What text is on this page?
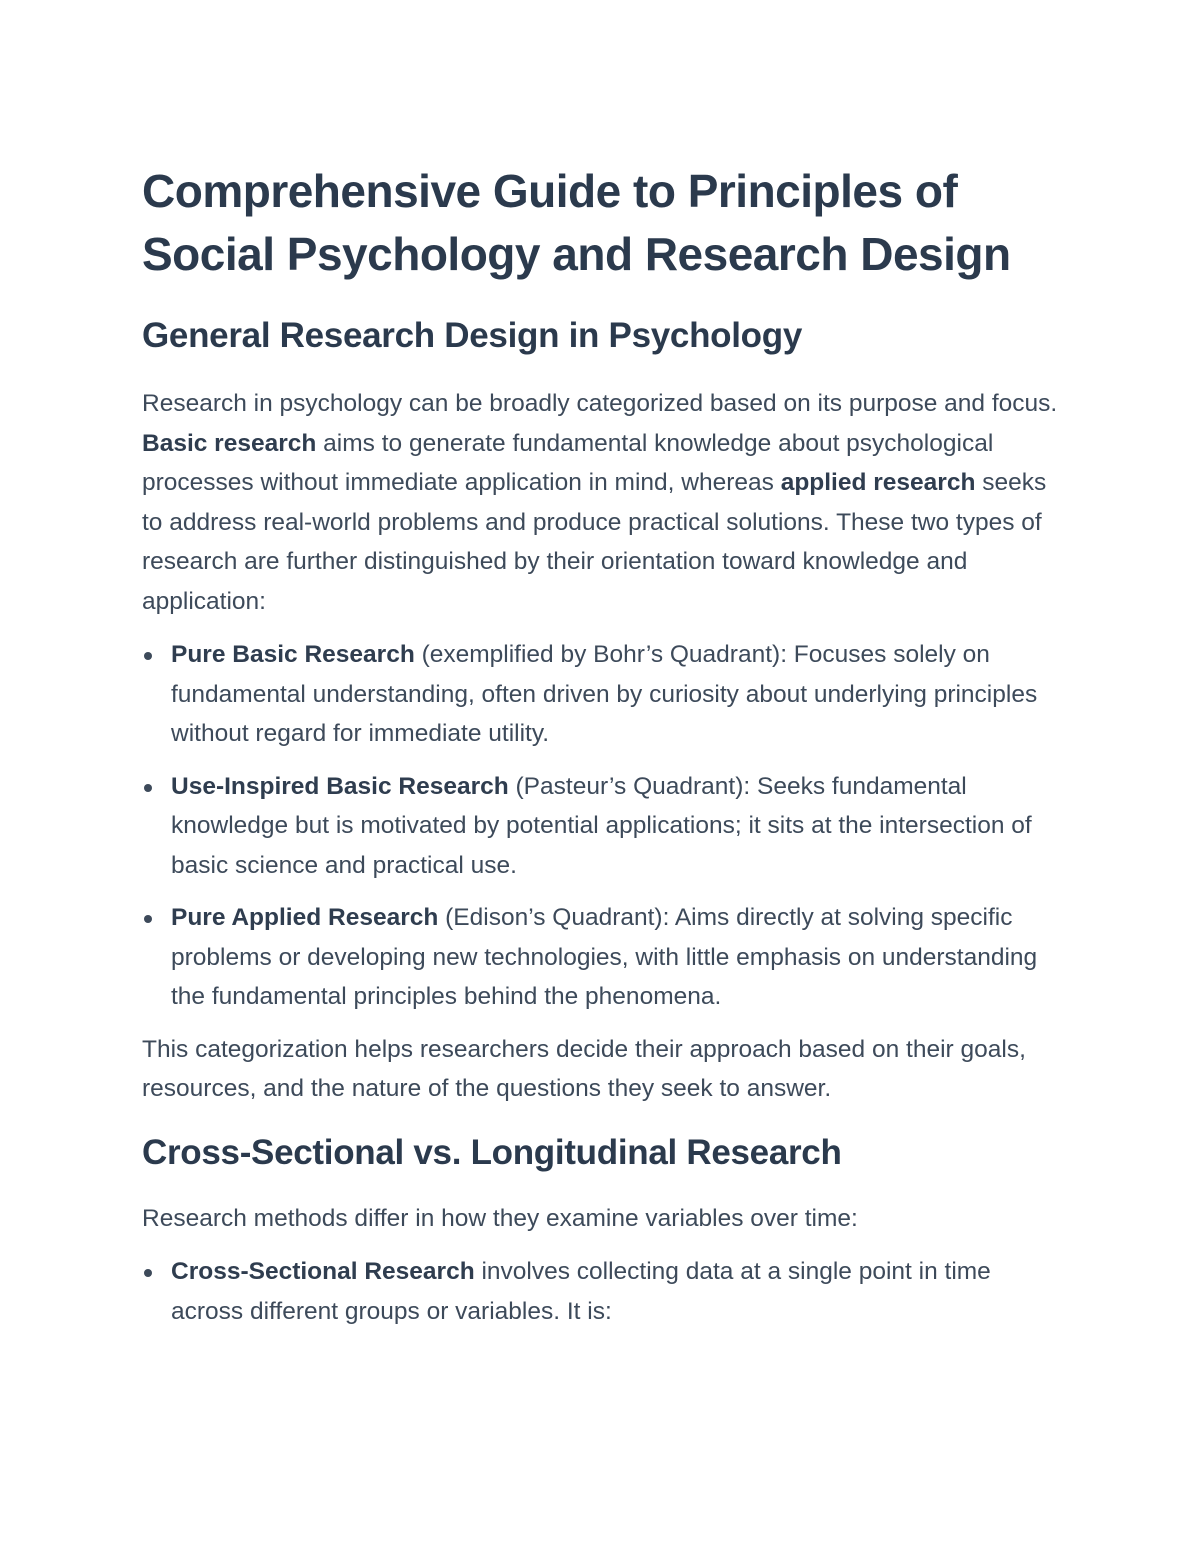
Comprehensive Guide to Principles of Social Psychology and Research Design
General Research Design in Psychology

Research in psychology can be broadly categorized based on its purpose and focus. Basic research aims to generate fundamental knowledge about psychological processes without immediate application in mind, whereas applied research seeks to address real-world problems and produce practical solutions. These two types of research are further distinguished by their orientation toward knowledge and application:

Pure Basic Research (exemplified by Bohr’s Quadrant): Focuses solely on fundamental understanding, often driven by curiosity about underlying principles without regard for immediate utility.
Use-Inspired Basic Research (Pasteur’s Quadrant): Seeks fundamental knowledge but is motivated by potential applications; it sits at the intersection of basic science and practical use.
Pure Applied Research (Edison’s Quadrant): Aims directly at solving specific problems or developing new technologies, with little emphasis on understanding the fundamental principles behind the phenomena.

This categorization helps researchers decide their approach based on their goals, resources, and the nature of the questions they seek to answer.

Cross-Sectional vs. Longitudinal Research

Research methods differ in how they examine variables over time:

Cross-Sectional Research involves collecting data at a single point in time across different groups or variables. It is:
